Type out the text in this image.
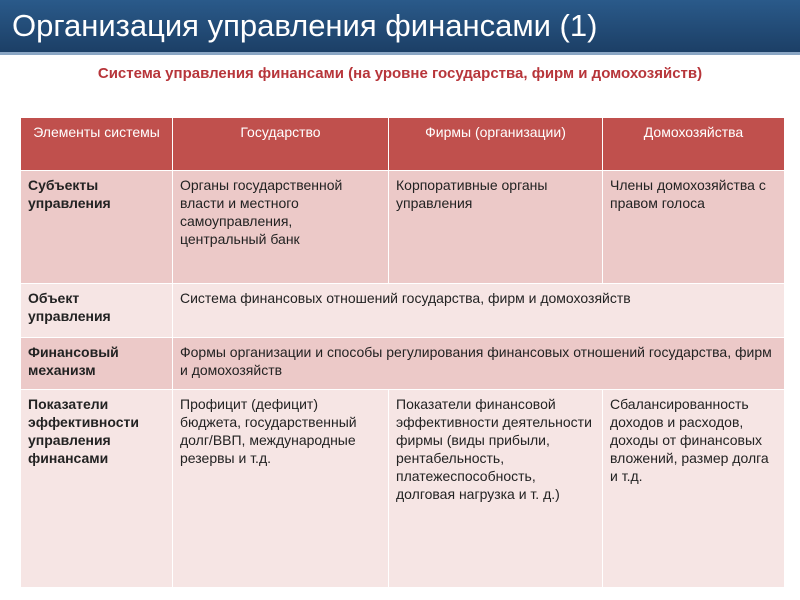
Организация управления финансами (1)
Система управления финансами (на уровне государства, фирм и домохозяйств)
Элементы системы	Государство	Фирмы (организации)	Домохозяйства
Субъекты управления	Органы государственной власти и местного самоуправления, центральный банк	Корпоративные органы управления	Члены домохозяйства с правом голоса
Объект управления	Система финансовых отношений государства, фирм и домохозяйств		
Финансовый механизм	Формы организации и способы регулирования финансовых отношений государства, фирм и домохозяйств		
Показатели эффективности управления финансами	Профицит (дефицит) бюджета, государственный долг/ВВП, международные резервы и т.д.	Показатели финансовой эффективности деятельности фирмы (виды прибыли, рентабельность, платежеспособность, долговая нагрузка и т. д.)	Сбалансированность доходов и расходов, доходы от финансовых вложений, размер долга и т.д.
